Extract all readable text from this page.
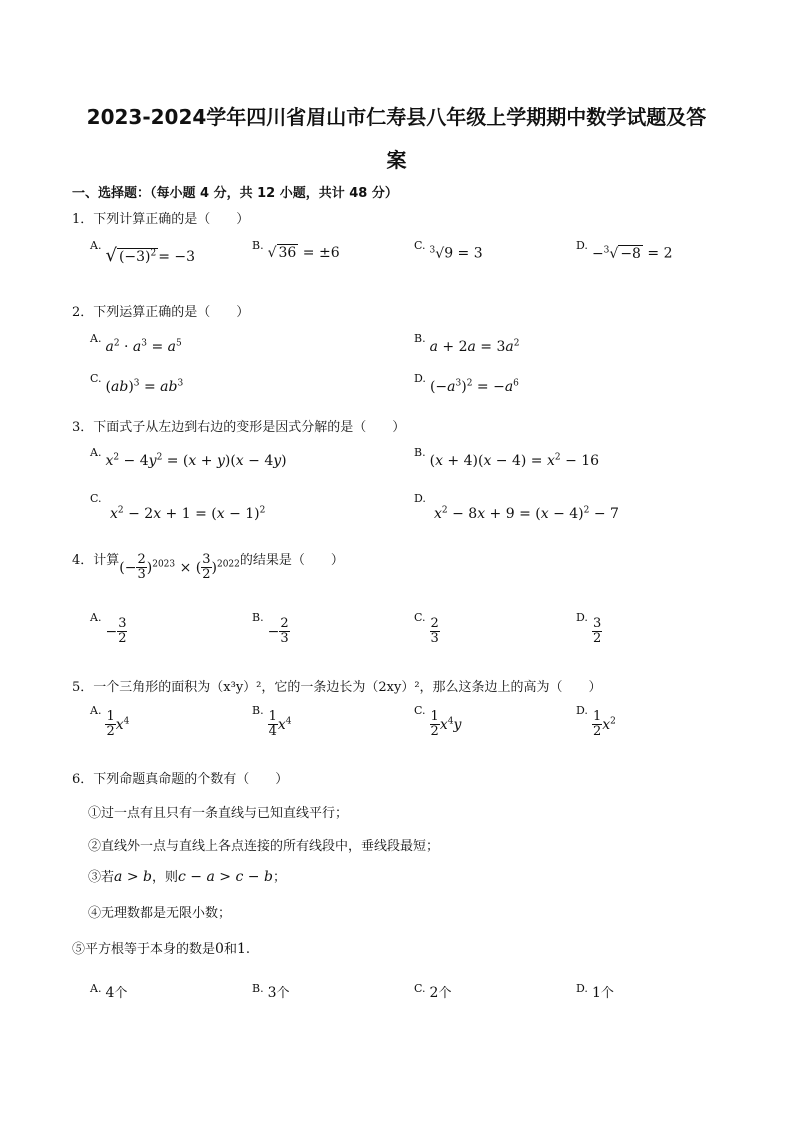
2023-2024学年四川省眉山市仁寿县八年级上学期期中数学试题及答
案
一、选择题：（每小题 4 分，共 12 小题，共计 48 分）
1．下列计算正确的是（　　）
$^{A.}$ √ $(-3)^2 = -3$
$^{B.}$ √ 36 = ±6	$^{C.}$ $^3$√9 = 3
$^{D.}$−$^3$√ −8 = 2
2．下列运算正确的是（　　）
$^{A.}a^2 \cdot a^3 = a^5$	$^{B.}a + 2a = 3a^2$
$^{C.}(ab)^3 = ab^3$	$^{D.}(-a^3)^2 = -a^6$
3．下面式子从左边到右边的变形是因式分解的是（　　）
$^{A.}x^2 - 4y^2 = (x + y)(x - 4y)$
$^{B.}(x + 4)(x - 4) = x^2 - 16$
$^{C.}$
$x^2 - 2x + 1 = (x - 1)^2$
$^{D.}$
$x^2 - 8x + 9 = (x - 4)^2 - 7$
4．计算(− $\frac{2}{3} )^{2023}$ × ( $\frac{3}{2} )^{2022}$的结果是（　　）
$^{A.}- \frac{3}{2}$	$^{B.}- \frac{2}{3}$	$^{C.} \frac{2}{3}$	$^{D.} \frac{3}{2}$
5．一个三角形的面积为（x³y）²，它的一条边长为（2xy）²，那么这条边上的高为（　　）
$^{A.} \frac{1}{2} x^4$
$^{B.} \frac{1}{4} x^4$
$^{C.} \frac{1}{2} x^4y$
$^{D.} \frac{1}{2} x^2$
6．下列命题真命题的个数有（　　）
①过一点有且只有一条直线与已知直线平行；
②直线外一点与直线上各点连接的所有线段中，垂线段最短；
③若a > b，则c − a > c − b；
④无理数都是无限小数；
⑤平方根等于本身的数是0和1.
$^{A.}$ 4个	$^{B.}$ 3个	$^{C.}$ 2个	$^{D.}$ 1个
